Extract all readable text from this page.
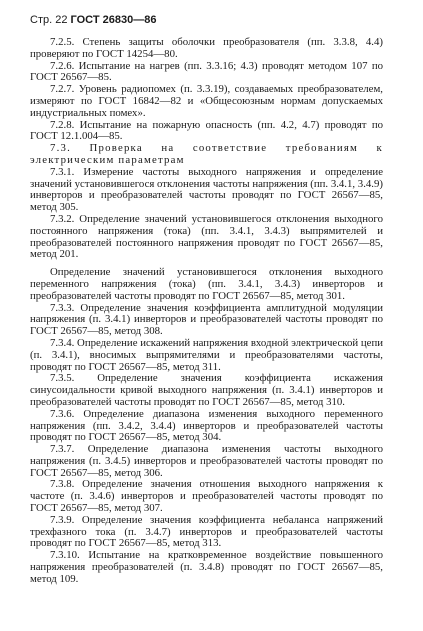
Стр. 22 ГОСТ 26830—86

7.2.5. Степень защиты оболочки преобразователя (пп. 3.3.8, 4.4) проверяют по ГОСТ 14254—80.

7.2.6. Испытание на нагрев (пп. 3.3.16; 4.3) проводят методом 107 по ГОСТ 26567—85.

7.2.7. Уровень радиопомех (п. 3.3.19), создаваемых преобразователем, измеряют по ГОСТ 16842—82 и «Общесоюзным нормам допускаемых индустриальных помех».

7.2.8. Испытание на пожарную опасность (пп. 4.2, 4.7) проводят по ГОСТ 12.1.004—85.

7.3. Проверка на соответствие требованиям к электрическим параметрам

7.3.1. Измерение частоты выходного напряжения и определение значений установившегося отклонения частоты напряжения (пп. 3.4.1, 3.4.9) инверторов и преобразователей частоты проводят по ГОСТ 26567—85, метод 305.

7.3.2. Определение значений установившегося отклонения выходного постоянного напряжения (тока) (пп. 3.4.1, 3.4.3) выпрямителей и преобразователей постоянного напряжения проводят по ГОСТ 26567—85, метод 201.

Определение значений установившегося отклонения выходного переменного напряжения (тока) (пп. 3.4.1, 3.4.3) инверторов и преобразователей частоты проводят по ГОСТ 26567—85, метод 301.

7.3.3. Определение значения коэффициента амплитудной модуляции напряжения (п. 3.4.1) инверторов и преобразователей частоты проводят по ГОСТ 26567—85, метод 308.

7.3.4. Определение искажений напряжения входной электрической цепи (п. 3.4.1), вносимых выпрямителями и преобразователями частоты, проводят по ГОСТ 26567—85, метод 311.

7.3.5. Определение значения коэффициента искажения синусоидальности кривой выходного напряжения (п. 3.4.1) инверторов и преобразователей частоты проводят по ГОСТ 26567—85, метод 310.

7.3.6. Определение диапазона изменения выходного переменного напряжения (пп. 3.4.2, 3.4.4) инверторов и преобразователей частоты проводят по ГОСТ 26567—85, метод 304.

7.3.7. Определение диапазона изменения частоты выходного напряжения (п. 3.4.5) инверторов и преобразователей частоты проводят по ГОСТ 26567—85, метод 306.

7.3.8. Определение значения отношения выходного напряжения к частоте (п. 3.4.6) инверторов и преобразователей частоты проводят по ГОСТ 26567—85, метод 307.

7.3.9. Определение значения коэффициента небаланса напряжений трехфазного тока (п. 3.4.7) инверторов и преобразователей частоты проводят по ГОСТ 26567—85, метод 313.

7.3.10. Испытание на кратковременное воздействие повышенного напряжения преобразователей (п. 3.4.8) проводят по ГОСТ 26567—85, метод 109.
